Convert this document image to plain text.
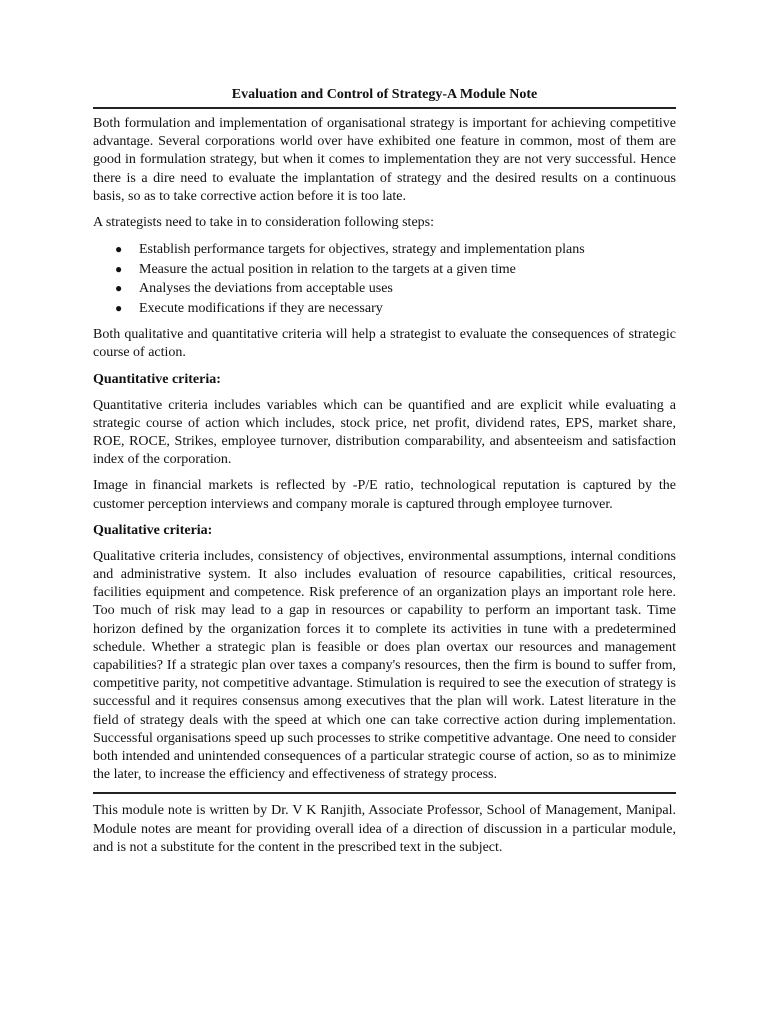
Evaluation and Control of Strategy-A Module Note

Both formulation and implementation of organisational strategy is important for achieving competitive advantage. Several corporations world over have exhibited one feature in common, most of them are good in formulation strategy, but when it comes to implementation they are not very successful. Hence there is a dire need to evaluate the implantation of strategy and the desired results on a continuous basis, so as to take corrective action before it is too late.

A strategists need to take in to consideration following steps:

● Establish performance targets for objectives, strategy and implementation plans
● Measure the actual position in relation to the targets at a given time
● Analyses the deviations from acceptable uses
● Execute modifications if they are necessary

Both qualitative and quantitative criteria will help a strategist to evaluate the consequences of strategic course of action.

Quantitative criteria:

Quantitative criteria includes variables which can be quantified and are explicit while evaluating a strategic course of action which includes, stock price, net profit, dividend rates, EPS, market share, ROE, ROCE, Strikes, employee turnover, distribution comparability, and absenteeism and satisfaction index of the corporation.

Image in financial markets is reflected by -P/E ratio, technological reputation is captured by the customer perception interviews and company morale is captured through employee turnover.

Qualitative criteria:

Qualitative criteria includes, consistency of objectives, environmental assumptions, internal conditions and administrative system. It also includes evaluation of resource capabilities, critical resources, facilities equipment and competence. Risk preference of an organization plays an important role here. Too much of risk may lead to a gap in resources or capability to perform an important task. Time horizon defined by the organization forces it to complete its activities in tune with a predetermined schedule. Whether a strategic plan is feasible or does plan overtax our resources and management capabilities? If a strategic plan over taxes a company's resources, then the firm is bound to suffer from, competitive parity, not competitive advantage. Stimulation is required to see the execution of strategy is successful and it requires consensus among executives that the plan will work. Latest literature in the field of strategy deals with the speed at which one can take corrective action during implementation. Successful organisations speed up such processes to strike competitive advantage. One need to consider both intended and unintended consequences of a particular strategic course of action, so as to minimize the later, to increase the efficiency and effectiveness of strategy process.

This module note is written by Dr. V K Ranjith, Associate Professor, School of Management, Manipal. Module notes are meant for providing overall idea of a direction of discussion in a particular module, and is not a substitute for the content in the prescribed text in the subject.
